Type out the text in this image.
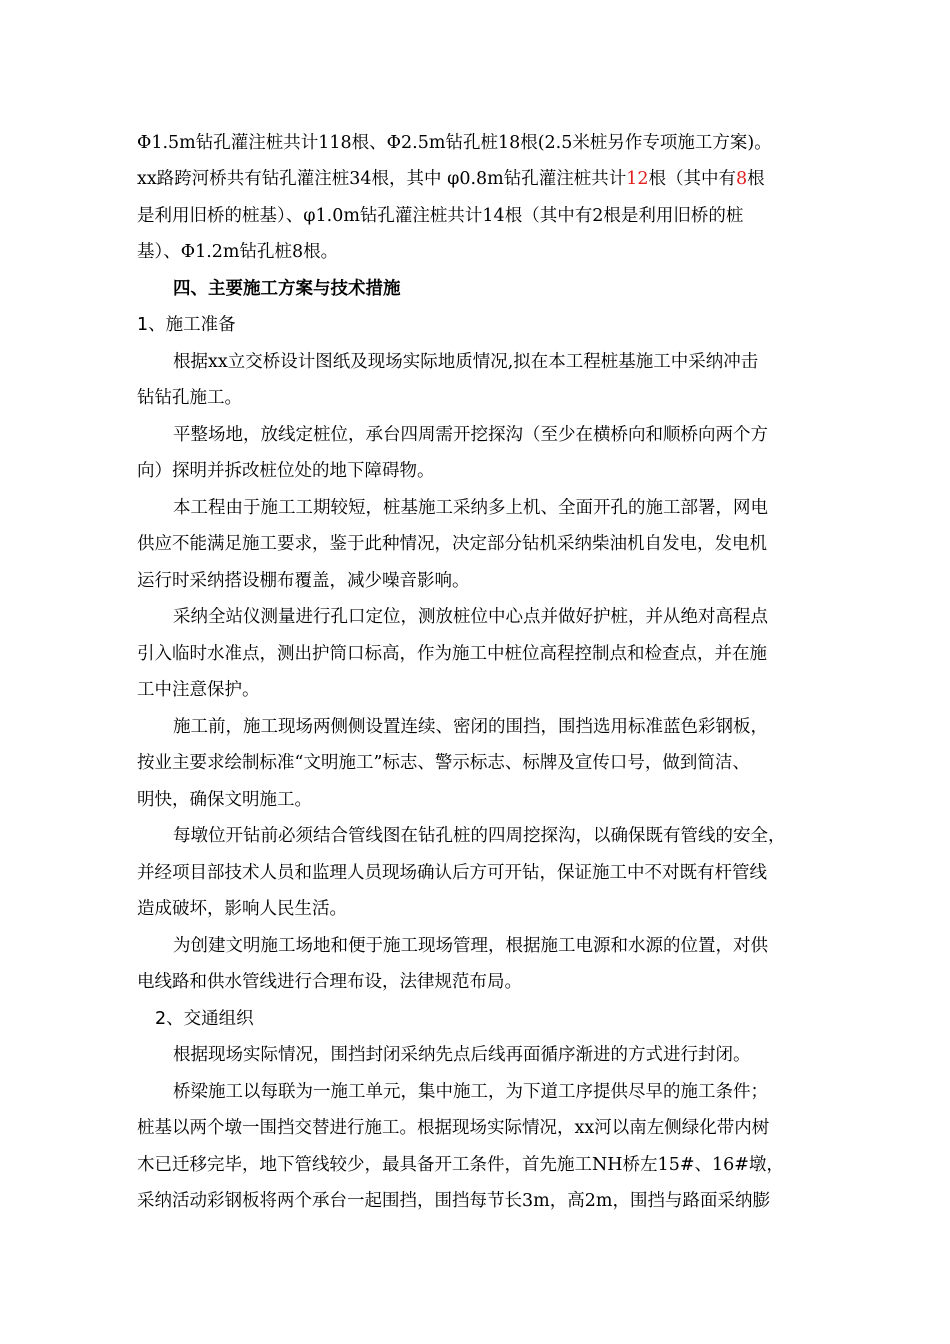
Φ1.5m钻孔灌注桩共计118根、Φ2.5m钻孔桩18根(2.5米桩另作专项施工方案)。
xx路跨河桥共有钻孔灌注桩34根，其中 φ0.8m钻孔灌注桩共计12根（其中有8根
是利用旧桥的桩基）、φ1.0m钻孔灌注桩共计14根（其中有2根是利用旧桥的桩
基）、Φ1.2m钻孔桩8根。
四、主要施工方案与技术措施
1、施工准备
根据xx立交桥设计图纸及现场实际地质情况,拟在本工程桩基施工中采纳冲击
钻钻孔施工。
平整场地，放线定桩位，承台四周需开挖探沟（至少在横桥向和顺桥向两个方
向）探明并拆改桩位处的地下障碍物。
本工程由于施工工期较短，桩基施工采纳多上机、全面开孔的施工部署，网电
供应不能满足施工要求，鉴于此种情况，决定部分钻机采纳柴油机自发电，发电机
运行时采纳搭设棚布覆盖，减少噪音影响。
采纳全站仪测量进行孔口定位，测放桩位中心点并做好护桩，并从绝对高程点
引入临时水准点，测出护筒口标高，作为施工中桩位高程控制点和检查点，并在施
工中注意保护。
施工前，施工现场两侧侧设置连续、密闭的围挡，围挡选用标准蓝色彩钢板，
按业主要求绘制标准“文明施工”标志、警示标志、标牌及宣传口号，做到简洁、
明快，确保文明施工。
每墩位开钻前必须结合管线图在钻孔桩的四周挖探沟，以确保既有管线的安全，
并经项目部技术人员和监理人员现场确认后方可开钻，保证施工中不对既有杆管线
造成破坏，影响人民生活。
为创建文明施工场地和便于施工现场管理，根据施工电源和水源的位置，对供
电线路和供水管线进行合理布设，法律规范布局。
2、交通组织
根据现场实际情况，围挡封闭采纳先点后线再面循序渐进的方式进行封闭。
桥梁施工以每联为一施工单元，集中施工，为下道工序提供尽早的施工条件；
桩基以两个墩一围挡交替进行施工。根据现场实际情况，xx河以南左侧绿化带内树
木已迁移完毕，地下管线较少，最具备开工条件，首先施工NH桥左15#、16#墩，
采纳活动彩钢板将两个承台一起围挡，围挡每节长3m，高2m，围挡与路面采纳膨
